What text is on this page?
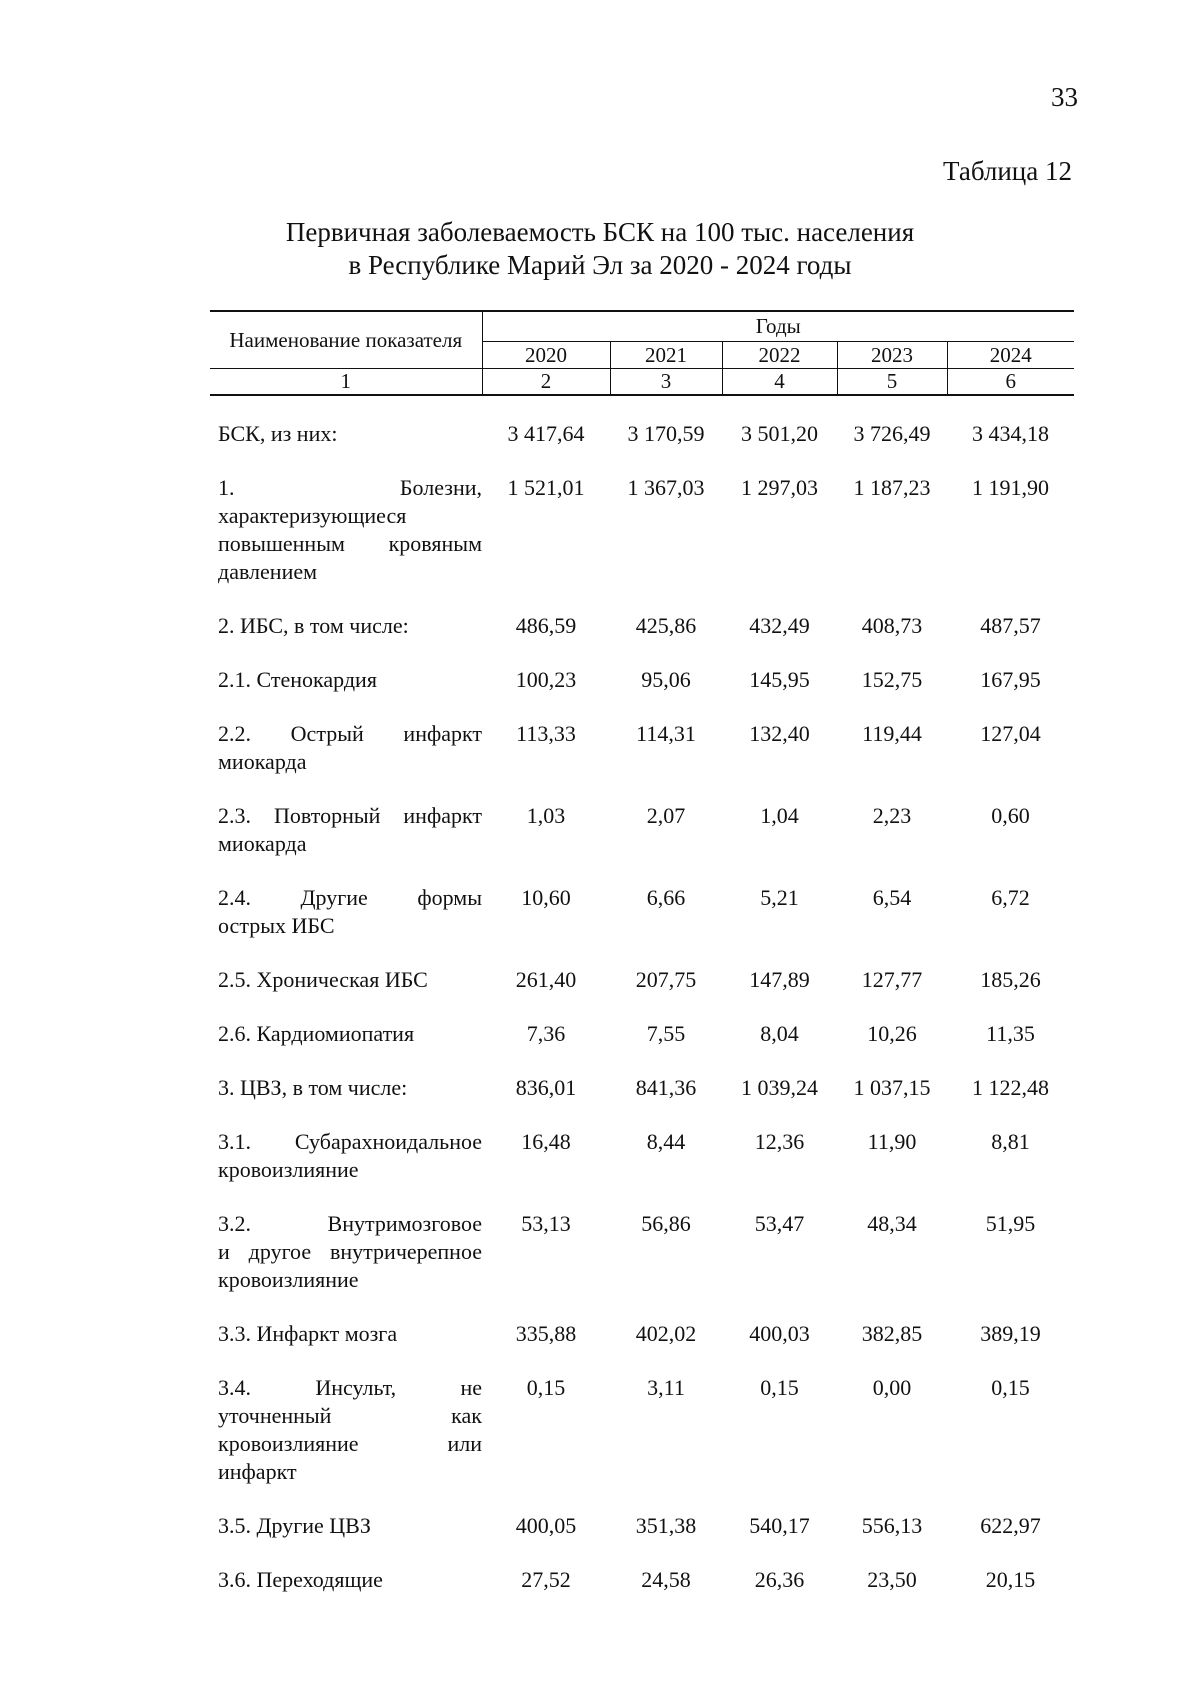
33
Таблица 12
Первичная заболеваемость БСК на 100 тыс. населения
в Республике Марий Эл за 2020 - 2024 годы
Наименование показателя	Годы				
	2020	2021	2022	2023	2024
1	2	3	4	5	6
БСК, из них:	3 417,64	3 170,59	3 501,20	3 726,49	3 434,18
1. Болезни,
характеризующиеся
повышенным кровяным
давлением
1 521,01	1 367,03	1 297,03	1 187,23	1 191,90
2. ИБС, в том числе:	486,59	425,86	432,49	408,73	487,57
2.1. Стенокардия	100,23	95,06	145,95	152,75	167,95
2.2. Острый инфаркт
миокарда
113,33	114,31	132,40	119,44	127,04
2.3. Повторный инфаркт
миокарда
1,03	2,07	1,04	2,23	0,60
2.4. Другие формы
острых ИБС
10,60	6,66	5,21	6,54	6,72
2.5. Хроническая ИБС	261,40	207,75	147,89	127,77	185,26
2.6. Кардиомиопатия	7,36	7,55	8,04	10,26	11,35
3. ЦВЗ, в том числе:	836,01	841,36	1 039,24	1 037,15	1 122,48
3.1. Субарахноидальное
кровоизлияние
16,48	8,44	12,36	11,90	8,81
3.2. Внутримозговое
и другое внутричерепное
кровоизлияние
53,13	56,86	53,47	48,34	51,95
3.3. Инфаркт мозга	335,88	402,02	400,03	382,85	389,19
3.4. Инсульт, не
уточненный как
кровоизлияние или
инфаркт
0,15	3,11	0,15	0,00	0,15
3.5. Другие ЦВЗ	400,05	351,38	540,17	556,13	622,97
3.6. Переходящие	27,52	24,58	26,36	23,50	20,15
